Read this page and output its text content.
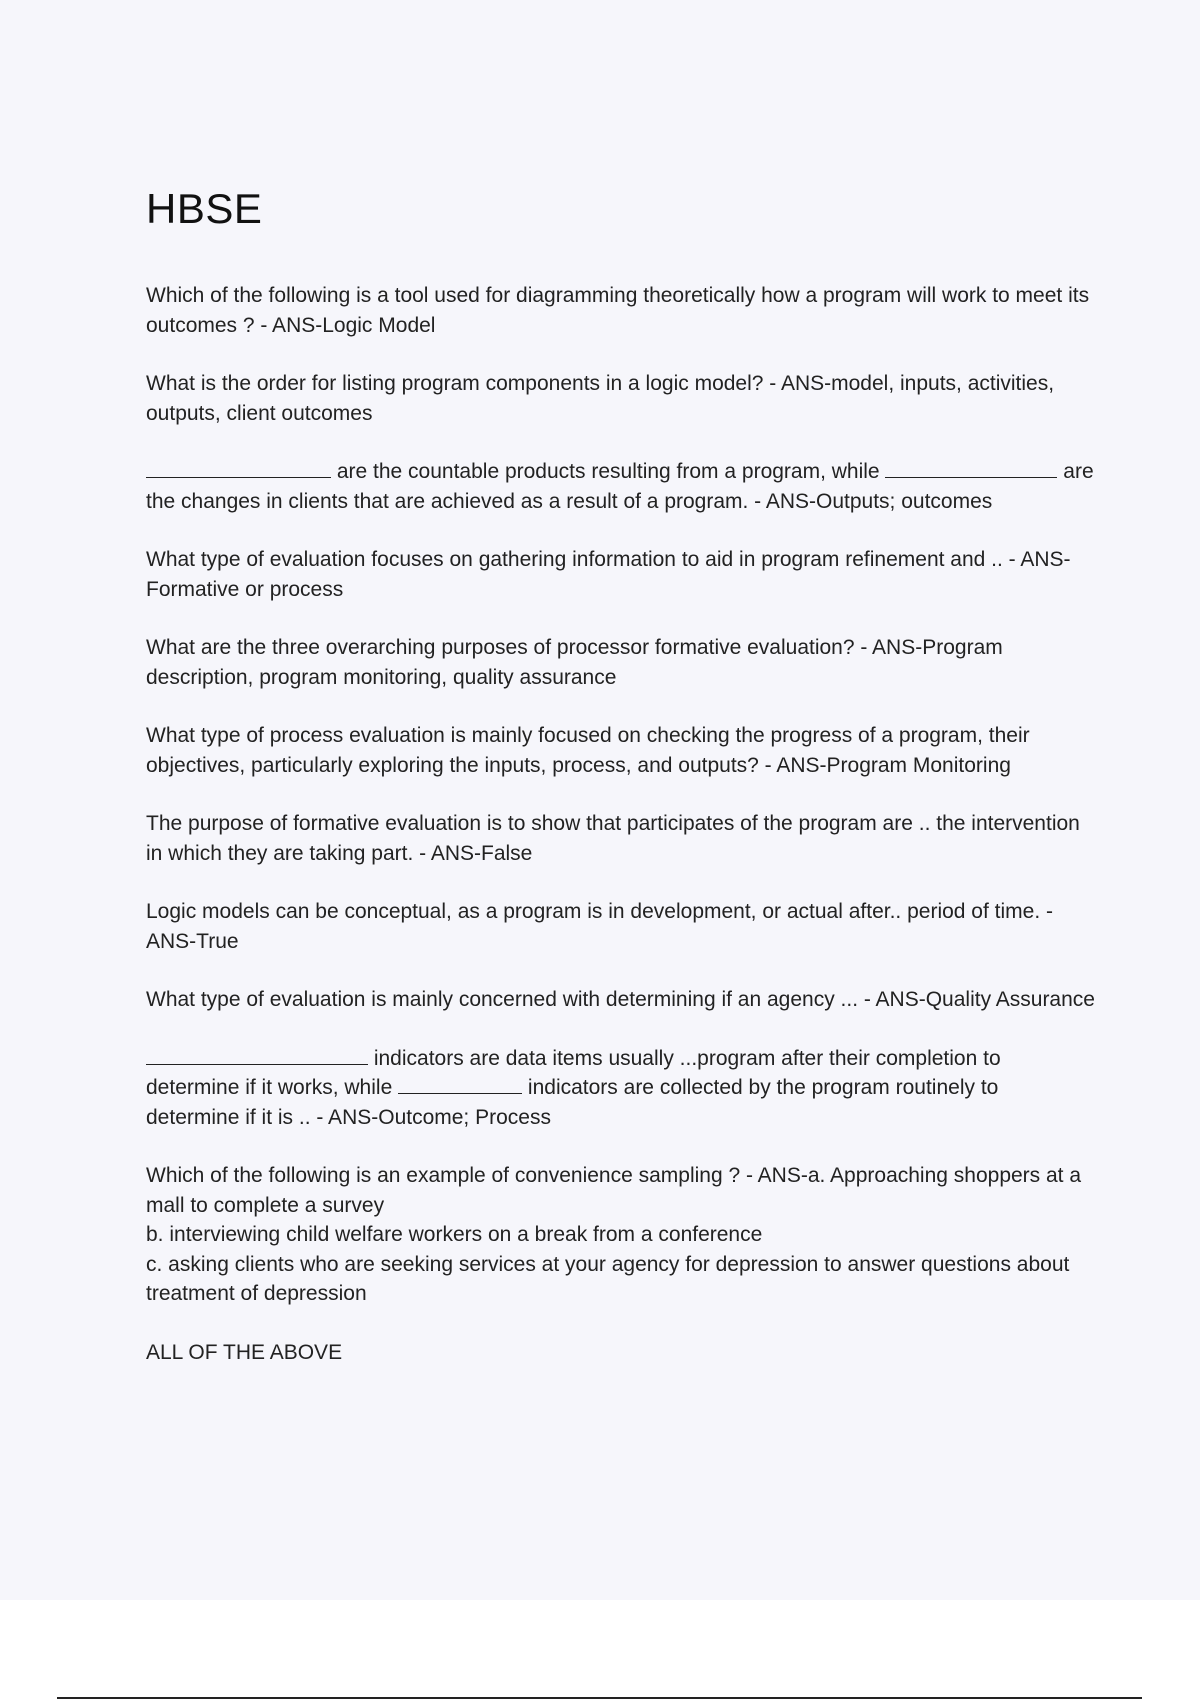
HBSE

Which of the following is a tool used for diagramming theoretically how a program will work to meet its outcomes ? - ANS-Logic Model

What is the order for listing program components in a logic model? - ANS-model, inputs, activities, outputs, client outcomes

are the countable products resulting from a program, while	are the changes in clients that are achieved as a result of a program. - ANS-Outputs; outcomes

What type of evaluation focuses on gathering information to aid in program refinement and .. - ANS-Formative or process

What are the three overarching purposes of processor formative evaluation? - ANS-Program description, program monitoring, quality assurance

What type of process evaluation is mainly focused on checking the progress of a program, their objectives, particularly exploring the inputs, process, and outputs? - ANS-Program Monitoring

The purpose of formative evaluation is to show that participates of the program are .. the intervention in which they are taking part. - ANS-False

Logic models can be conceptual, as a program is in development, or actual after.. period of time. - ANS-True

What type of evaluation is mainly concerned with determining if an agency ... - ANS-Quality Assurance

indicators are data items usually ...program after their completion to determine if it works, while	indicators are collected by the program routinely to determine if it is .. - ANS-Outcome; Process

Which of the following is an example of convenience sampling ? - ANS-a. Approaching shoppers at a mall to complete a survey
b. interviewing child welfare workers on a break from a conference
c. asking clients who are seeking services at your agency for depression to answer questions about treatment of depression

ALL OF THE ABOVE
